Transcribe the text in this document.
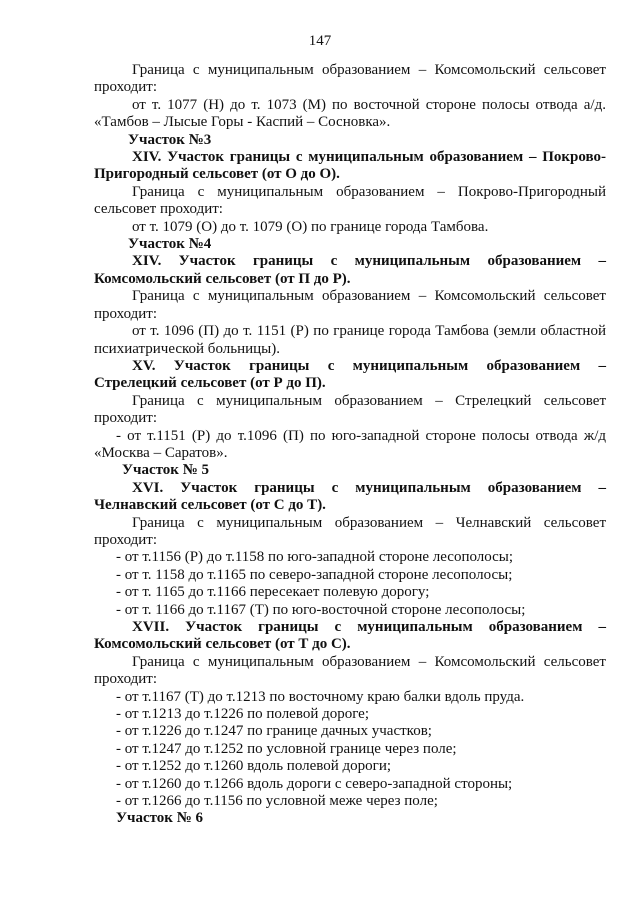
147
Граница с муниципальным образованием – Комсомольский сельсовет
проходит:
от т. 1077 (Н) до т. 1073 (М) по восточной стороне полосы отвода а/д.
«Тамбов – Лысые Горы - Каспий – Сосновка».
Участок №3
XIV. Участок границы с муниципальным образованием – Покрово-
Пригородный сельсовет (от О до О).
Граница с муниципальным образованием – Покрово-Пригородный
сельсовет проходит:
от т. 1079 (О) до т. 1079 (О) по границе города Тамбова.
Участок №4
XIV. Участок границы с муниципальным образованием –
Комсомольский сельсовет (от П до Р).
Граница с муниципальным образованием – Комсомольский сельсовет
проходит:
от т. 1096 (П) до т. 1151 (Р) по границе города Тамбова (земли областной
психиатрической больницы).
XV. Участок границы с муниципальным образованием –
Стрелецкий сельсовет (от Р до П).
Граница с муниципальным образованием – Стрелецкий сельсовет
проходит:
- от т.1151 (Р) до т.1096 (П) по юго-западной стороне полосы отвода ж/д
«Москва – Саратов».
Участок № 5
XVI. Участок границы с муниципальным образованием –
Челнавский сельсовет (от С до Т).
Граница с муниципальным образованием – Челнавский сельсовет
проходит:
- от т.1156 (Р) до т.1158 по юго-западной стороне лесополосы;
- от т. 1158 до т.1165 по северо-западной стороне лесополосы;
- от т. 1165 до т.1166 пересекает полевую дорогу;
- от т. 1166 до т.1167 (Т) по юго-восточной стороне лесополосы;
XVII. Участок границы с муниципальным образованием –
Комсомольский сельсовет (от Т до С).
Граница с муниципальным образованием – Комсомольский сельсовет
проходит:
- от т.1167 (Т) до т.1213 по восточному краю балки вдоль пруда.
- от т.1213 до т.1226 по полевой дороге;
- от т.1226 до т.1247 по границе дачных участков;
- от т.1247 до т.1252 по условной границе через поле;
- от т.1252 до т.1260 вдоль полевой дороги;
- от т.1260 до т.1266 вдоль дороги с северо-западной стороны;
- от т.1266 до т.1156 по условной меже через поле;
Участок № 6
